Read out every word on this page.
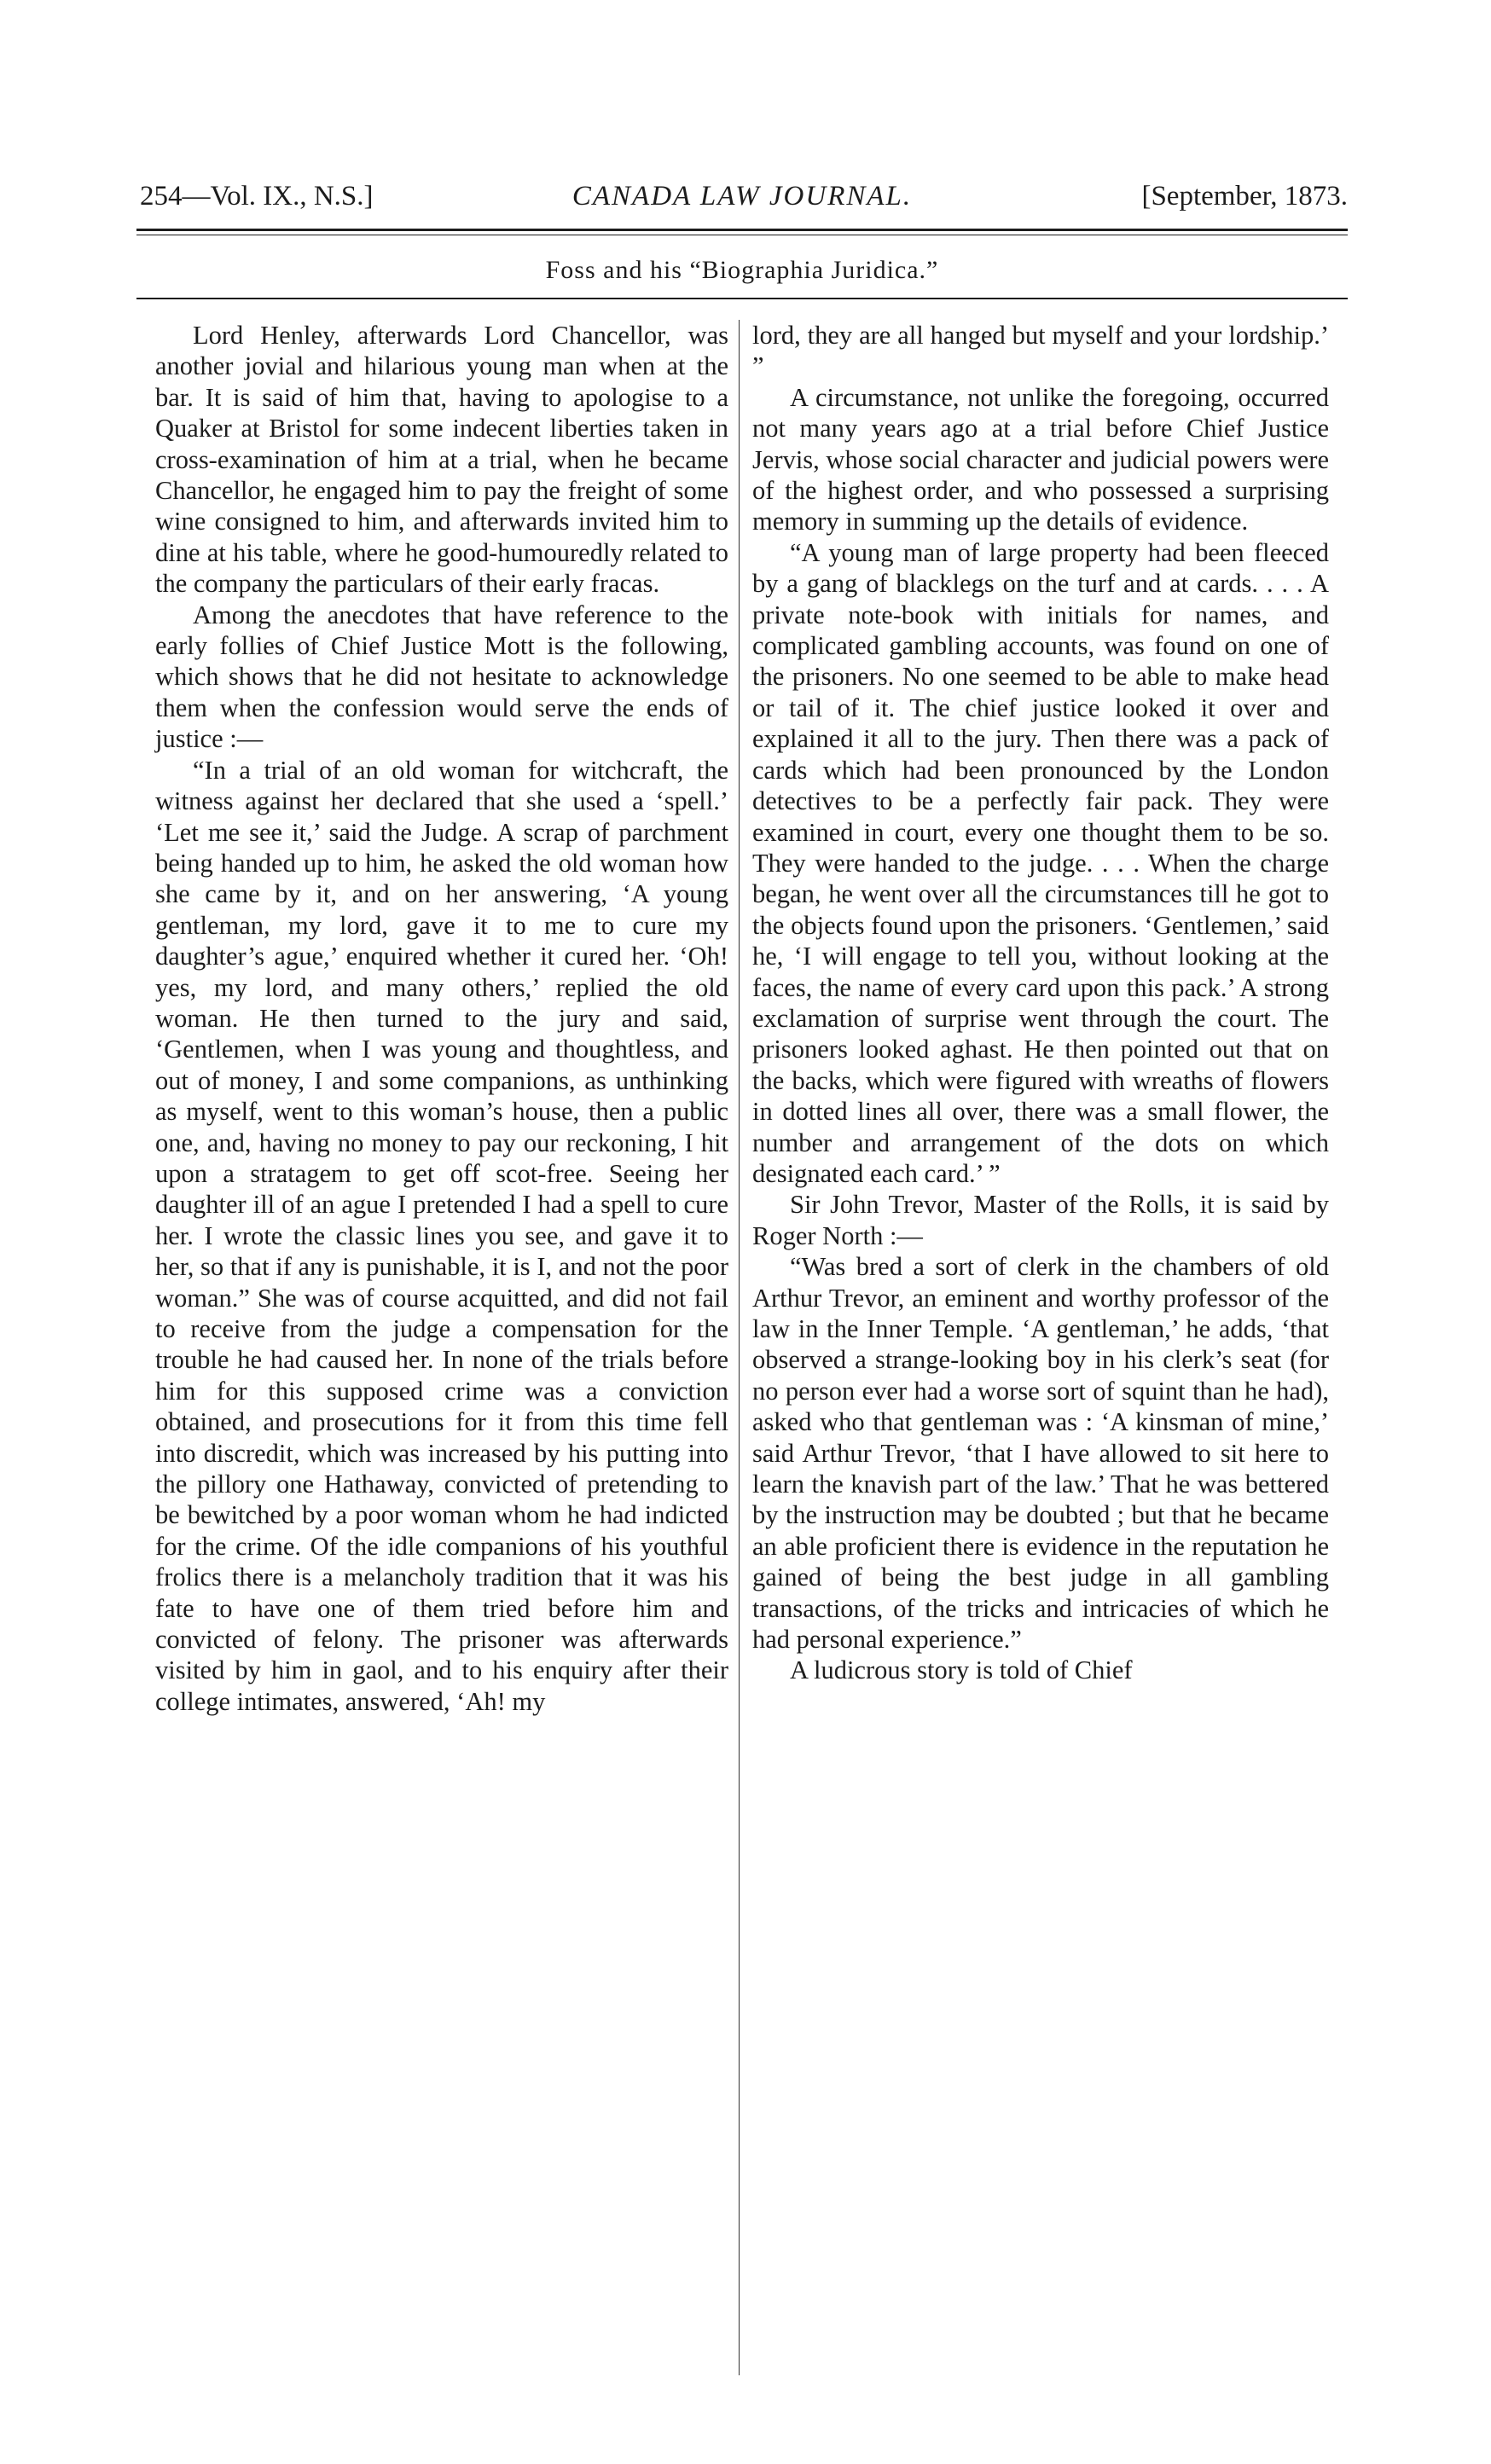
254—Vol. IX., N.S.]	CANADA LAW JOURNAL.	[September, 1873.
Foss and his “Biographia Juridica.”

Lord Henley, afterwards Lord Chancellor, was another jovial and hilarious young man when at the bar. It is said of him that, having to apologise to a Quaker at Bristol for some indecent liberties taken in cross-examination of him at a trial, when he became Chancellor, he engaged him to pay the freight of some wine consigned to him, and afterwards invited him to dine at his table, where he good-humouredly related to the company the particulars of their early fracas.

Among the anecdotes that have reference to the early follies of Chief Justice Mott is the following, which shows that he did not hesitate to acknowledge them when the confession would serve the ends of justice :—

“In a trial of an old woman for witchcraft, the witness against her declared that she used a ‘spell.’ ‘Let me see it,’ said the Judge. A scrap of parchment being handed up to him, he asked the old woman how she came by it, and on her answering, ‘A young gentleman, my lord, gave it to me to cure my daughter’s ague,’ enquired whether it cured her. ‘Oh! yes, my lord, and many others,’ replied the old woman. He then turned to the jury and said, ‘Gentlemen, when I was young and thoughtless, and out of money, I and some companions, as unthinking as myself, went to this woman’s house, then a public one, and, having no money to pay our reckoning, I hit upon a stratagem to get off scot-free. Seeing her daughter ill of an ague I pretended I had a spell to cure her. I wrote the classic lines you see, and gave it to her, so that if any is punishable, it is I, and not the poor woman.” She was of course acquitted, and did not fail to receive from the judge a compensation for the trouble he had caused her. In none of the trials before him for this supposed crime was a conviction obtained, and prosecutions for it from this time fell into discredit, which was increased by his putting into the pillory one Hathaway, convicted of pretending to be bewitched by a poor woman whom he had indicted for the crime. Of the idle companions of his youthful frolics there is a melancholy tradition that it was his fate to have one of them tried before him and convicted of felony. The prisoner was afterwards visited by him in gaol, and to his enquiry after their college intimates, answered, ‘Ah! my

lord, they are all hanged but myself and your lordship.’ ”

A circumstance, not unlike the foregoing, occurred not many years ago at a trial before Chief Justice Jervis, whose social character and judicial powers were of the highest order, and who possessed a surprising memory in summing up the details of evidence.

“A young man of large property had been fleeced by a gang of blacklegs on the turf and at cards. . . . A private note-book with initials for names, and complicated gambling accounts, was found on one of the prisoners. No one seemed to be able to make head or tail of it. The chief justice looked it over and explained it all to the jury. Then there was a pack of cards which had been pronounced by the London detectives to be a perfectly fair pack. They were examined in court, every one thought them to be so. They were handed to the judge. . . . When the charge began, he went over all the circumstances till he got to the objects found upon the prisoners. ‘Gentlemen,’ said he, ‘I will engage to tell you, without looking at the faces, the name of every card upon this pack.’ A strong exclamation of surprise went through the court. The prisoners looked aghast. He then pointed out that on the backs, which were figured with wreaths of flowers in dotted lines all over, there was a small flower, the number and arrangement of the dots on which designated each card.’ ”

Sir John Trevor, Master of the Rolls, it is said by Roger North :—

“Was bred a sort of clerk in the chambers of old Arthur Trevor, an eminent and worthy professor of the law in the Inner Temple. ‘A gentleman,’ he adds, ‘that observed a strange-looking boy in his clerk’s seat (for no person ever had a worse sort of squint than he had), asked who that gentleman was : ‘A kinsman of mine,’ said Arthur Trevor, ‘that I have allowed to sit here to learn the knavish part of the law.’ That he was bettered by the instruction may be doubted ; but that he became an able proficient there is evidence in the reputation he gained of being the best judge in all gambling transactions, of the tricks and intricacies of which he had personal experience.”

A ludicrous story is told of Chief
